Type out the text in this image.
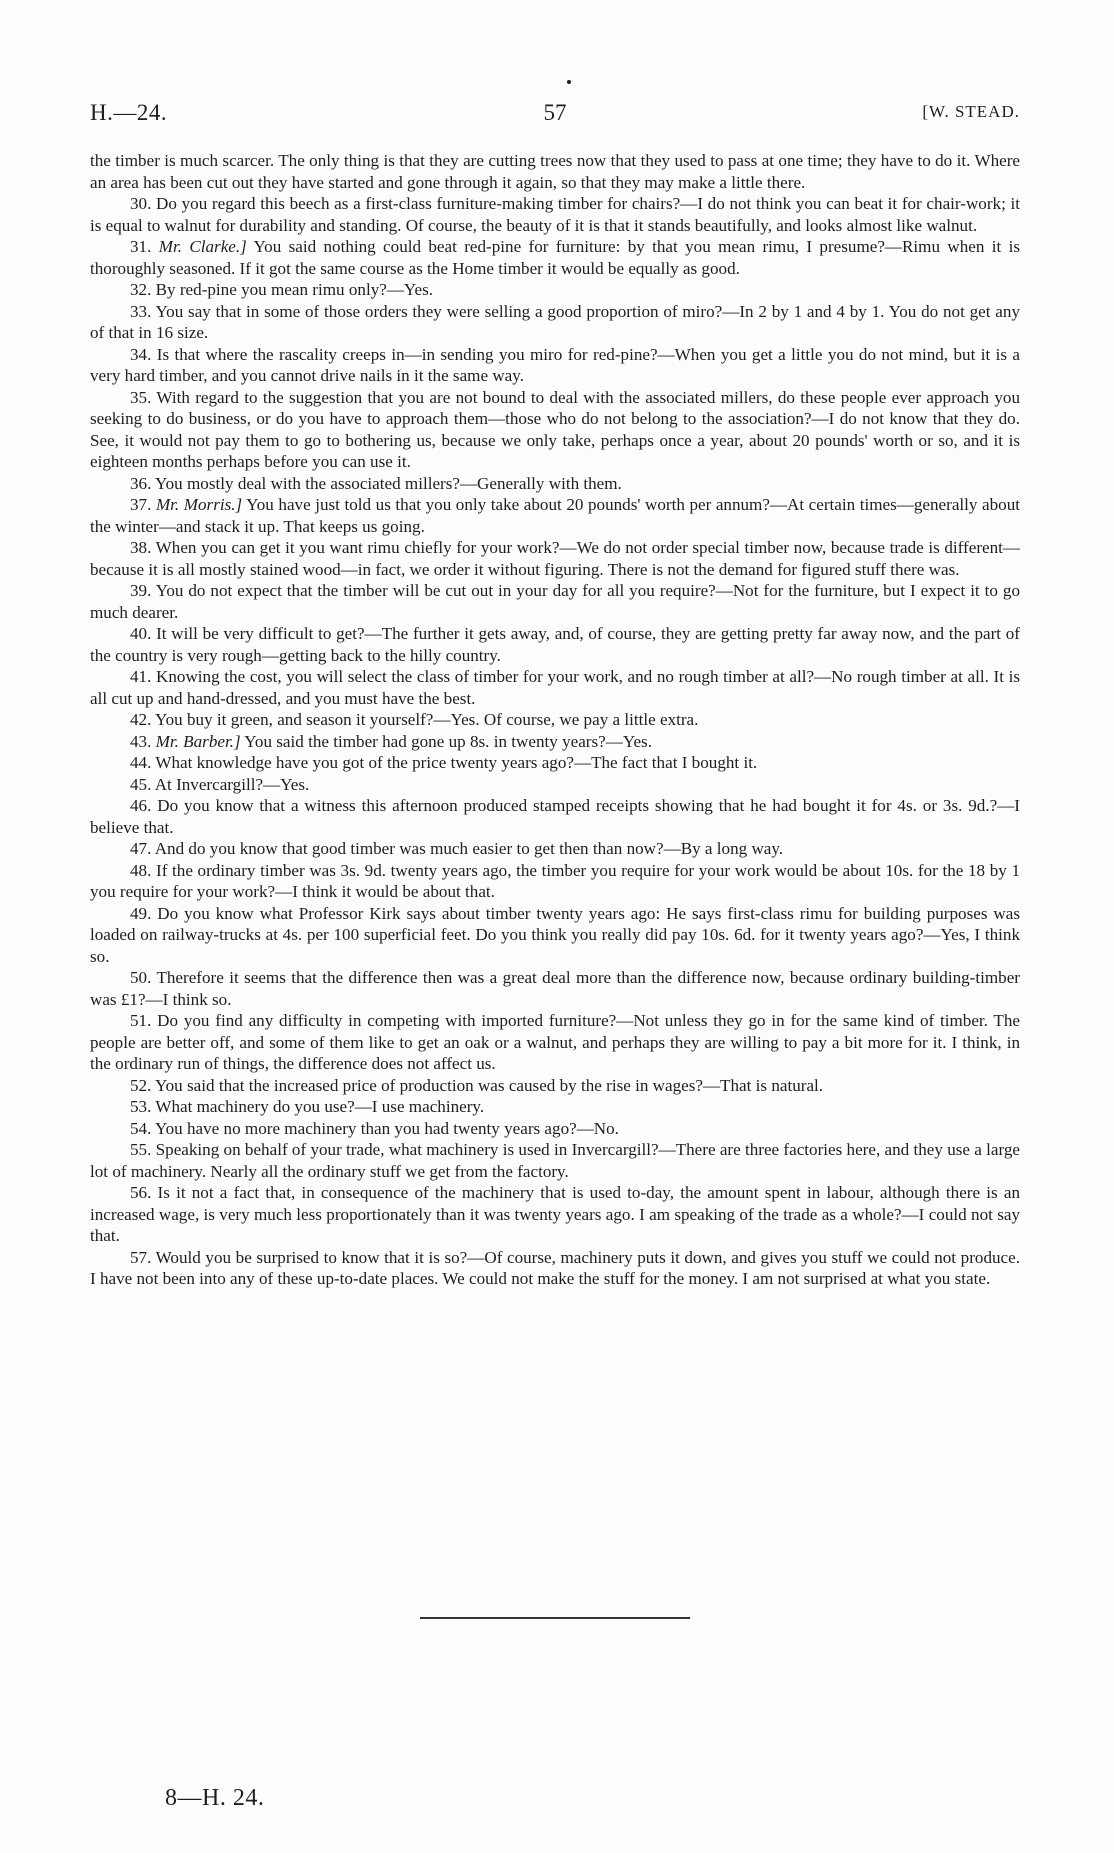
H.—24.	57	[W. STEAD.

the timber is much scarcer. The only thing is that they are cutting trees now that they used to pass at one time; they have to do it. Where an area has been cut out they have started and gone through it again, so that they may make a little there.

30. Do you regard this beech as a first-class furniture-making timber for chairs?—I do not think you can beat it for chair-work; it is equal to walnut for durability and standing. Of course, the beauty of it is that it stands beautifully, and looks almost like walnut.

31. Mr. Clarke.] You said nothing could beat red-pine for furniture: by that you mean rimu, I presume?—Rimu when it is thoroughly seasoned. If it got the same course as the Home timber it would be equally as good.

32. By red-pine you mean rimu only?—Yes.

33. You say that in some of those orders they were selling a good proportion of miro?—In 2 by 1 and 4 by 1. You do not get any of that in 16 size.

34. Is that where the rascality creeps in—in sending you miro for red-pine?—When you get a little you do not mind, but it is a very hard timber, and you cannot drive nails in it the same way.

35. With regard to the suggestion that you are not bound to deal with the associated millers, do these people ever approach you seeking to do business, or do you have to approach them—those who do not belong to the association?—I do not know that they do. See, it would not pay them to go to bothering us, because we only take, perhaps once a year, about 20 pounds' worth or so, and it is eighteen months perhaps before you can use it.

36. You mostly deal with the associated millers?—Generally with them.

37. Mr. Morris.] You have just told us that you only take about 20 pounds' worth per annum?—At certain times—generally about the winter—and stack it up. That keeps us going.

38. When you can get it you want rimu chiefly for your work?—We do not order special timber now, because trade is different—because it is all mostly stained wood—in fact, we order it without figuring. There is not the demand for figured stuff there was.

39. You do not expect that the timber will be cut out in your day for all you require?—Not for the furniture, but I expect it to go much dearer.

40. It will be very difficult to get?—The further it gets away, and, of course, they are getting pretty far away now, and the part of the country is very rough—getting back to the hilly country.

41. Knowing the cost, you will select the class of timber for your work, and no rough timber at all?—No rough timber at all. It is all cut up and hand-dressed, and you must have the best.

42. You buy it green, and season it yourself?—Yes. Of course, we pay a little extra.

43. Mr. Barber.] You said the timber had gone up 8s. in twenty years?—Yes.

44. What knowledge have you got of the price twenty years ago?—The fact that I bought it.

45. At Invercargill?—Yes.

46. Do you know that a witness this afternoon produced stamped receipts showing that he had bought it for 4s. or 3s. 9d.?—I believe that.

47. And do you know that good timber was much easier to get then than now?—By a long way.

48. If the ordinary timber was 3s. 9d. twenty years ago, the timber you require for your work would be about 10s. for the 18 by 1 you require for your work?—I think it would be about that.

49. Do you know what Professor Kirk says about timber twenty years ago: He says first-class rimu for building purposes was loaded on railway-trucks at 4s. per 100 superficial feet. Do you think you really did pay 10s. 6d. for it twenty years ago?—Yes, I think so.

50. Therefore it seems that the difference then was a great deal more than the difference now, because ordinary building-timber was £1?—I think so.

51. Do you find any difficulty in competing with imported furniture?—Not unless they go in for the same kind of timber. The people are better off, and some of them like to get an oak or a walnut, and perhaps they are willing to pay a bit more for it. I think, in the ordinary run of things, the difference does not affect us.

52. You said that the increased price of production was caused by the rise in wages?—That is natural.

53. What machinery do you use?—I use machinery.

54. You have no more machinery than you had twenty years ago?—No.

55. Speaking on behalf of your trade, what machinery is used in Invercargill?—There are three factories here, and they use a large lot of machinery. Nearly all the ordinary stuff we get from the factory.

56. Is it not a fact that, in consequence of the machinery that is used to-day, the amount spent in labour, although there is an increased wage, is very much less proportionately than it was twenty years ago. I am speaking of the trade as a whole?—I could not say that.

57. Would you be surprised to know that it is so?—Of course, machinery puts it down, and gives you stuff we could not produce. I have not been into any of these up-to-date places. We could not make the stuff for the money. I am not surprised at what you state.

8—H. 24.
